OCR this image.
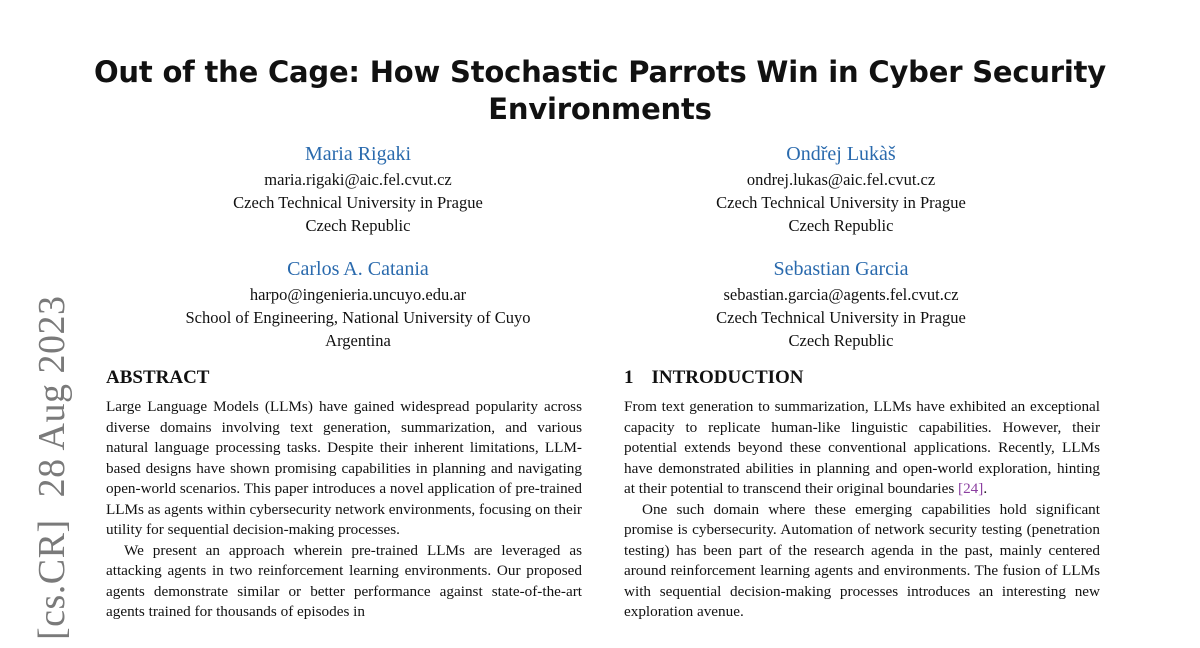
Out of the Cage: How Stochastic Parrots Win in Cyber Security Environments
Maria Rigaki
maria.rigaki@aic.fel.cvut.cz
Czech Technical University in Prague
Czech Republic
Ondřej Lukàš
ondrej.lukas@aic.fel.cvut.cz
Czech Technical University in Prague
Czech Republic
Carlos A. Catania
harpo@ingenieria.uncuyo.edu.ar
School of Engineering, National University of Cuyo
Argentina
Sebastian Garcia
sebastian.garcia@agents.fel.cvut.cz
Czech Technical University in Prague
Czech Republic
[cs.CR]28 Aug 2023	ABSTRACT	1 INTRODUCTION

Large Language Models (LLMs) have gained widespread popularity across diverse domains involving text generation, summarization, and various natural language processing tasks. Despite their inherent limitations, LLM-based designs have shown promising capabilities in planning and navigating open-world scenarios. This paper introduces a novel application of pre-trained LLMs as agents within cybersecurity network environments, focusing on their utility for sequential decision-making processes.

We present an approach wherein pre-trained LLMs are leveraged as attacking agents in two reinforcement learning environments. Our proposed agents demonstrate similar or better performance against state-of-the-art agents trained for thousands of episodes in

From text generation to summarization, LLMs have exhibited an exceptional capacity to replicate human-like linguistic capabilities. However, their potential extends beyond these conventional applications. Recently, LLMs have demonstrated abilities in planning and open-world exploration, hinting at their potential to transcend their original boundaries [24].

One such domain where these emerging capabilities hold significant promise is cybersecurity. Automation of network security testing (penetration testing) has been part of the research agenda in the past, mainly centered around reinforcement learning agents and environments. The fusion of LLMs with sequential decision-making processes introduces an interesting new exploration avenue.
